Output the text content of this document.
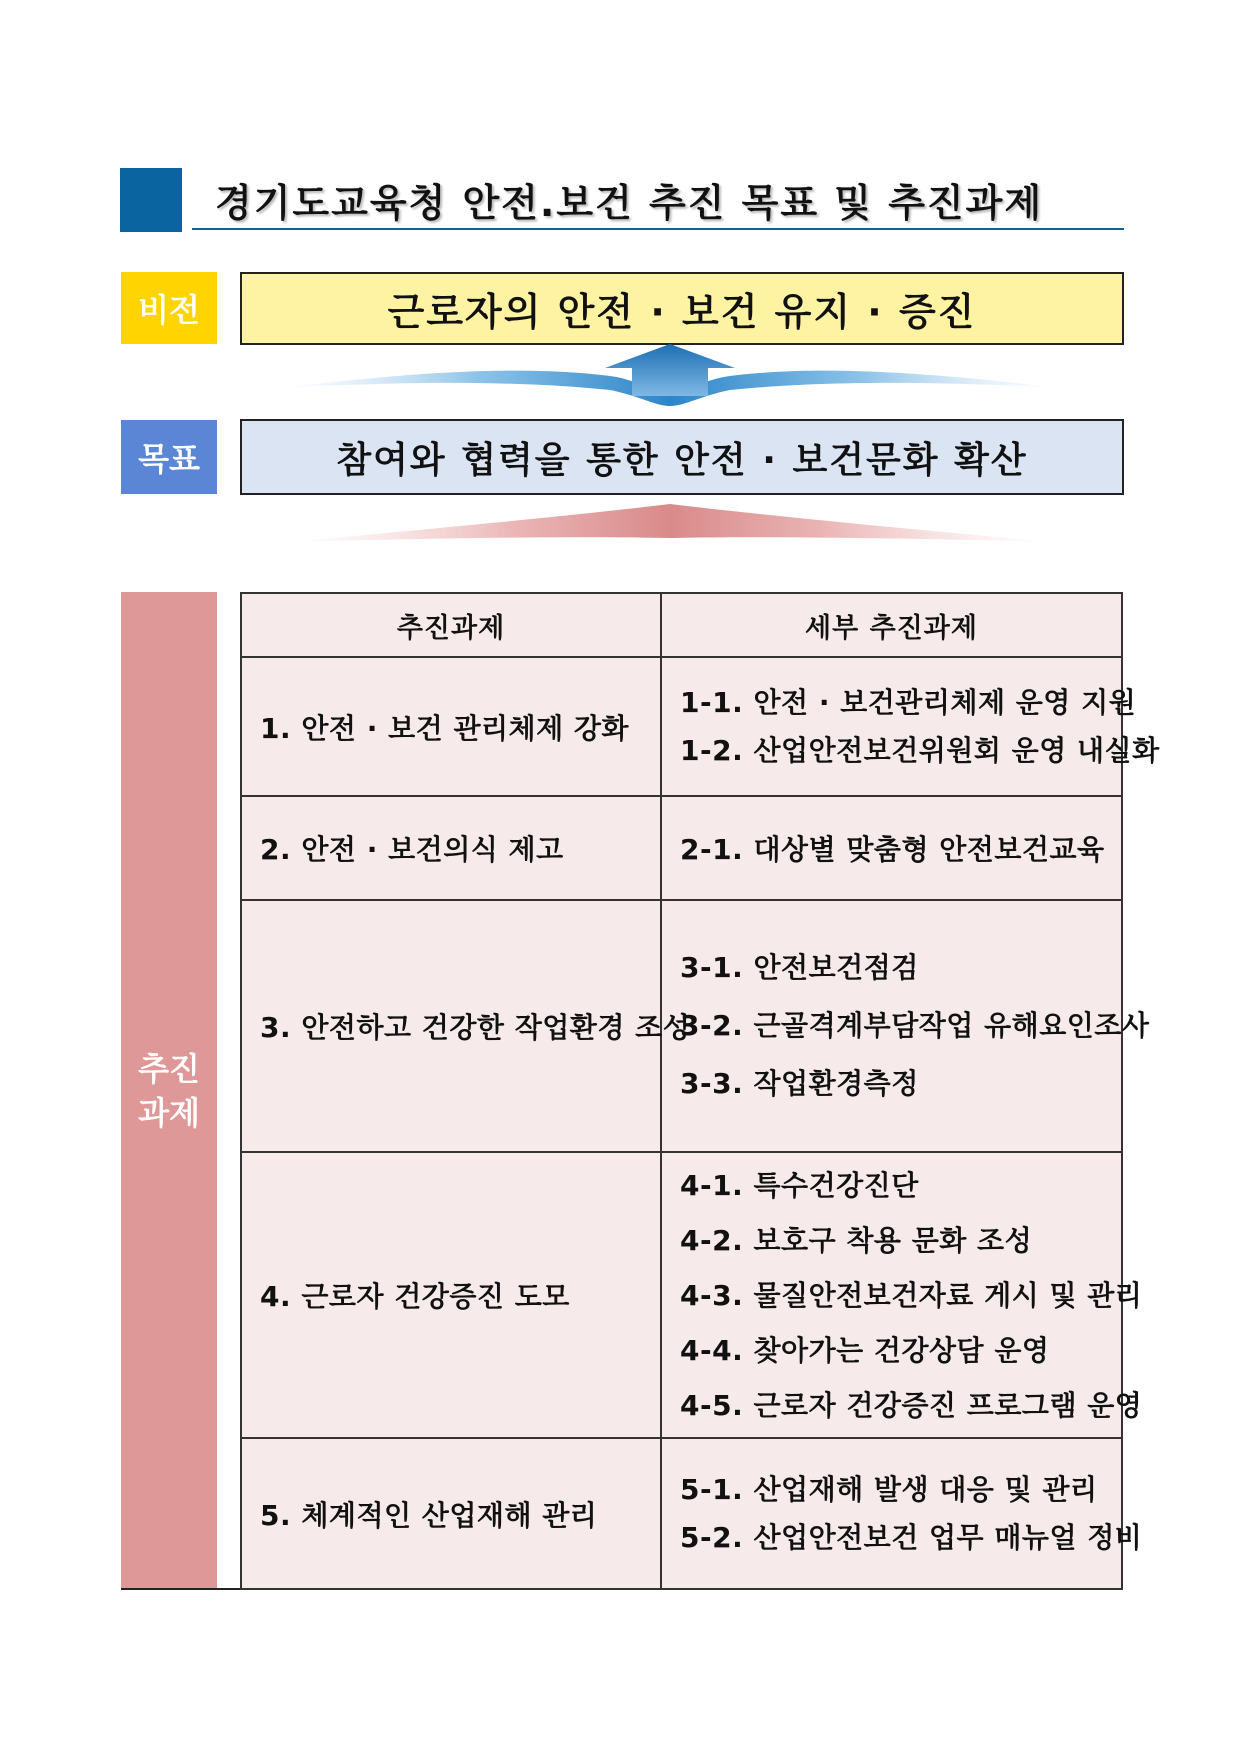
경기도교육청 안전.보건 추진 목표 및 추진과제
비전	근로자의 안전 · 보건 유지 · 증진
목표	참여와 협력을 통한 안전 · 보건문화 확산
추진
과제
추진과제	세부 추진과제
1. 안전 · 보건 관리체제 강화	1-1. 안전 · 보건관리체제 운영 지원
1-2. 산업안전보건위원회 운영 내실화

2. 안전 · 보건의식 제고	2-1. 대상별 맞춤형 안전보건교육

3. 안전하고 건강한 작업환경 조성	3-1. 안전보건점검
3-2. 근골격계부담작업 유해요인조사
3-3. 작업환경측정

4. 근로자 건강증진 도모	4-1. 특수건강진단
4-2. 보호구 착용 문화 조성
4-3. 물질안전보건자료 게시 및 관리
4-4. 찾아가는 건강상담 운영
4-5. 근로자 건강증진 프로그램 운영

5. 체계적인 산업재해 관리	5-1. 산업재해 발생 대응 및 관리
5-2. 산업안전보건 업무 매뉴얼 정비
